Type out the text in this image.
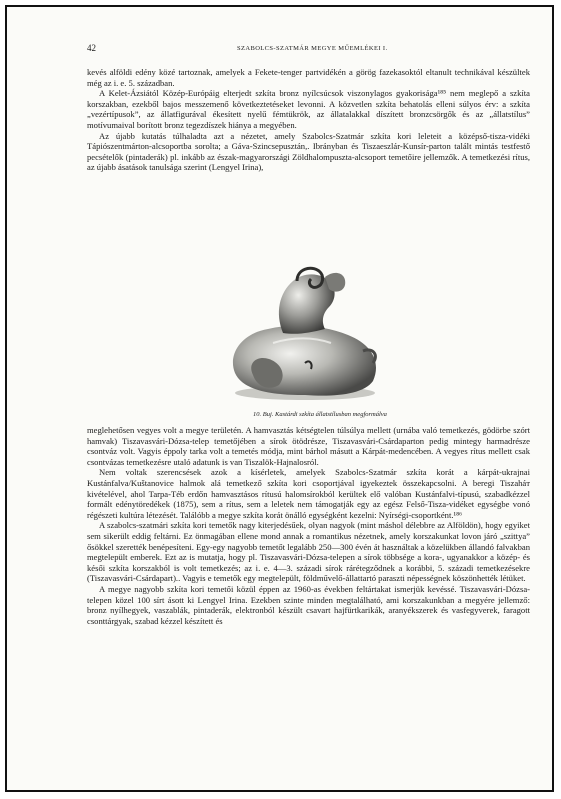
42	SZABOLCS-SZATMÁR MEGYE MŰEMLÉKEI I.

kevés alföldi edény közé tartoznak, amelyek a Fekete-tenger partvidékén a görög fazekasoktól eltanult technikával készültek még az i. e. 5. században.

A Kelet-Ázsiától Közép-Európáig elterjedt szkíta bronz nyílcsúcsok viszonylagos gyakorisága¹⁸⁵ nem meglepő a szkíta korszakban, ezekből bajos messzemenő következtetéseket levonni. A közvetlen szkíta behatolás elleni súlyos érv: a szkíta „vezértípusok”, az állatfigurával ékesített nyelű fémtükrök, az állatalakkal díszített bronzcsörgők és az „állatstílus” motívumaival borított bronz tegezdíszek hiánya a megyében.

Az újabb kutatás túlhaladta azt a nézetet, amely Szabolcs-Szatmár szkíta kori leleteit a középső-tisza-vidéki Tápiószentmárton-alcsoportba sorolta; a Gáva-Szincsepusztán,. Ibrányban és Tiszaeszlár-Kunsír-parton talált mintás testfestő pecsételők (pintaderák) pl. inkább az észak-magyarországi Zöldhalompuszta-alcsoport temetőire jellemzők. A temetkezési rítus, az újabb ásatások tanulsága szerint (Lengyel Irina),

10. Buj. Kastárdi szkíta állatstílusban megformálva

meglehetősen vegyes volt a megye területén. A hamvasztás kétségtelen túlsúlya mellett (urnába való temetkezés, gödörbe szórt hamvak) Tiszavasvári-Dózsa-telep temetőjében a sírok ötödrésze, Tiszavasvári-Csárdaparton pedig mintegy harmadrésze csontváz volt. Vagyis éppoly tarka volt a temetés módja, mint bárhol másutt a Kárpát-medencében. A vegyes rítus mellett csak csontvázas temetkezésre utaló adatunk is van Tiszalök-Hajnalosról.

Nem voltak szerencsések azok a kísérletek, amelyek Szabolcs-Szatmár szkíta korát a kárpát-ukrajnai Kustánfalva/Kuštanovice halmok alá temetkező szkíta kori csoportjával igyekeztek összekapcsolni. A beregi Tiszaháт kivételével, ahol Tarpa-Téb erdőn hamvasztásos rítusú halomsírokból kerültek elő valóban Kustánfalvi-típusú, szabadkézzel formált edénytöredékek (1875), sem a rítus, sem a leletek nem támogatják egy az egész Felső-Tisza-vidéket egységbe vonó régészeti kultúra létezését. Találóbb a megye szkíta korát önálló egységként kezelni: Nyírségi-csoportként.¹⁸⁶

A szabolcs-szatmári szkíta kori temetők nagy kiterjedésűek, olyan nagyok (mint máshol délebbre az Alföldön), hogy egyiket sem sikerült eddig feltárni. Ez önmagában ellene mond annak a romantikus nézetnek, amely korszakunkat lovon járó „szittya” ősökkel szerették benépesíteni. Egy-egy nagyobb temetőt legalább 250—300 évén át használtak a közelükben állandó falvakban megtelepült emberek. Ezt az is mutatja, hogy pl. Tiszavasvári-Dózsa-telepen a sírok többsége a kora-, ugyanakkor a közép- és késői szkíta korszakból is volt temetkezés; az i. e. 4—3. századi sírok rárétegződnek a korábbi, 5. századi temetkezésekre (Tiszavasvári-Csárdapart).. Vagyis e temetők egy megtelepült, földművelő-állattartó paraszti népességnek köszönhették létüket.

A megye nagyobb szkíta kori temetői közül éppen az 1960-as években feltártakat ismerjük kevéssé. Tiszavasvári-Dózsa-telepen közel 100 sírt ásott ki Lengyel Irina. Ezekben szinte minden megtalálható, ami korszakunkban a megyére jellemző: bronz nyílhegyek, vaszablák, pintaderák, elektronból készült csavart hajfürtkarikák, aranyékszerek és vasfegyverek, faragott csonttárgyak, szabad kézzel készített és
